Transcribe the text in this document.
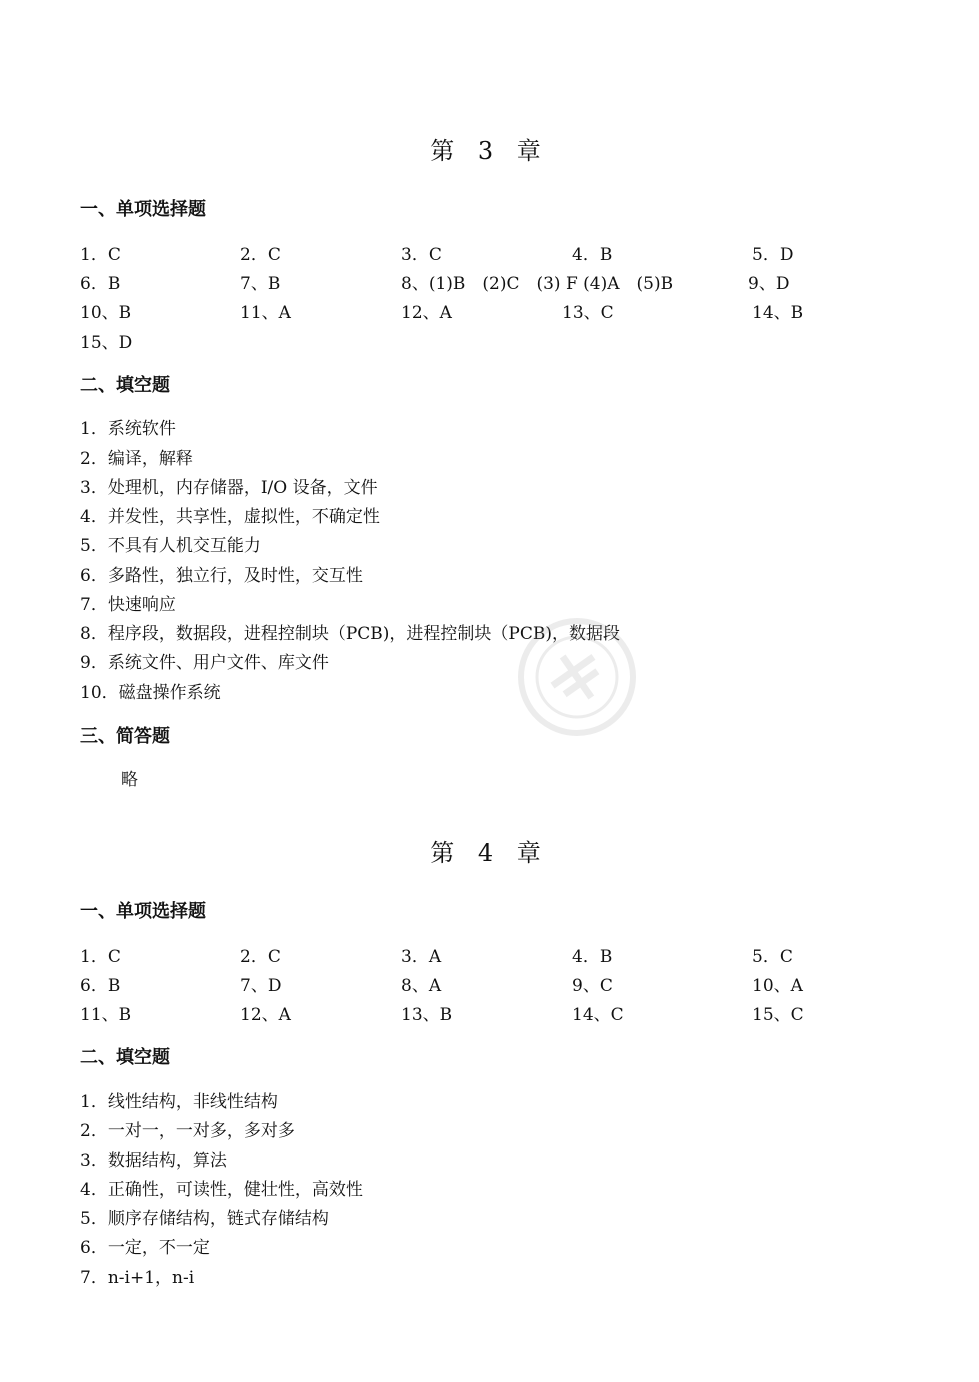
第 3 章
一、单项选择题
1．C	2．C	3．C	4．B	5．D
6．B	7、B	8、(1)B　(2)C　(3) F (4)A　(5)B	9、D
10、B	11、A	12、A	13、C	14、B
15、D
二、填空题
1．系统软件
2．编译，解释
3．处理机，内存储器，I/O 设备，文件
4．并发性，共享性，虚拟性，不确定性
5．不具有人机交互能力
6．多路性，独立行，及时性，交互性
7．快速响应
8．程序段，数据段，进程控制块（PCB)，进程控制块（PCB)，数据段
9．系统文件、用户文件、库文件
10．磁盘操作系统
三、简答题
略
第 4 章
一、单项选择题
1．C	2．C	3．A	4．B	5．C
6．B	7、D	8、A	9、C	10、A
11、B	12、A	13、B	14、C	15、C
二、填空题
1．线性结构，非线性结构
2．一对一，一对多，多对多
3．数据结构，算法
4．正确性，可读性，健壮性，高效性
5．顺序存储结构，链式存储结构
6．一定，不一定
7．n-i+1，n-i
